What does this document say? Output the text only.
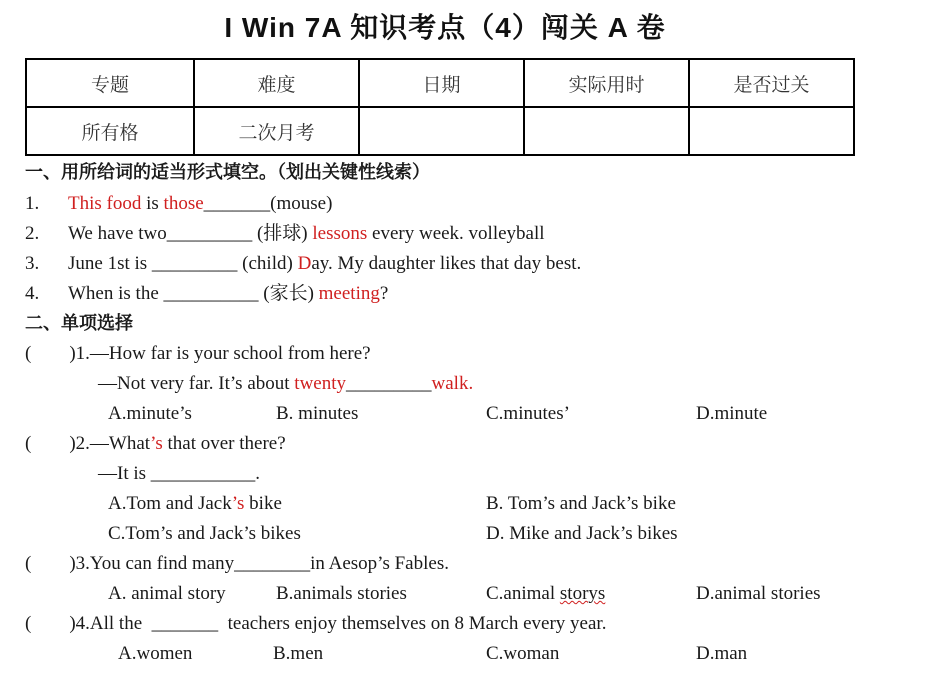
I Win 7A 知识考点（4）闯关 A 卷
专题	难度	日期	实际用时	是否过关
所有格	二次月考			
一、用所给词的适当形式填空。（划出关键性线索）
1. This food is those_______(mouse)
2. We have two_________ (排球) lessons every week. volleyball
3. June 1st is _________ (child) Day. My daughter likes that day best.
4. When is the __________ (家长) meeting?
二、单项选择
(        )1.—How far is your school from here?
—Not very far. It’s about twenty_________walk.
A.minute’s	B. minutes	C.minutes’	D.minute
(        )2.—What’s that over there?
—It is ___________.
A.Tom and Jack’s bike	B. Tom’s and Jack’s bike
C.Tom’s and Jack’s bikes	D. Mike and Jack’s bikes
(        )3.You can find many________in Aesop’s Fables.
A. animal story	B.animals stories	C.animal storys	D.animal stories
(        )4.All the  _______  teachers enjoy themselves on 8 March every year.
A.women	B.men	C.woman	D.man
